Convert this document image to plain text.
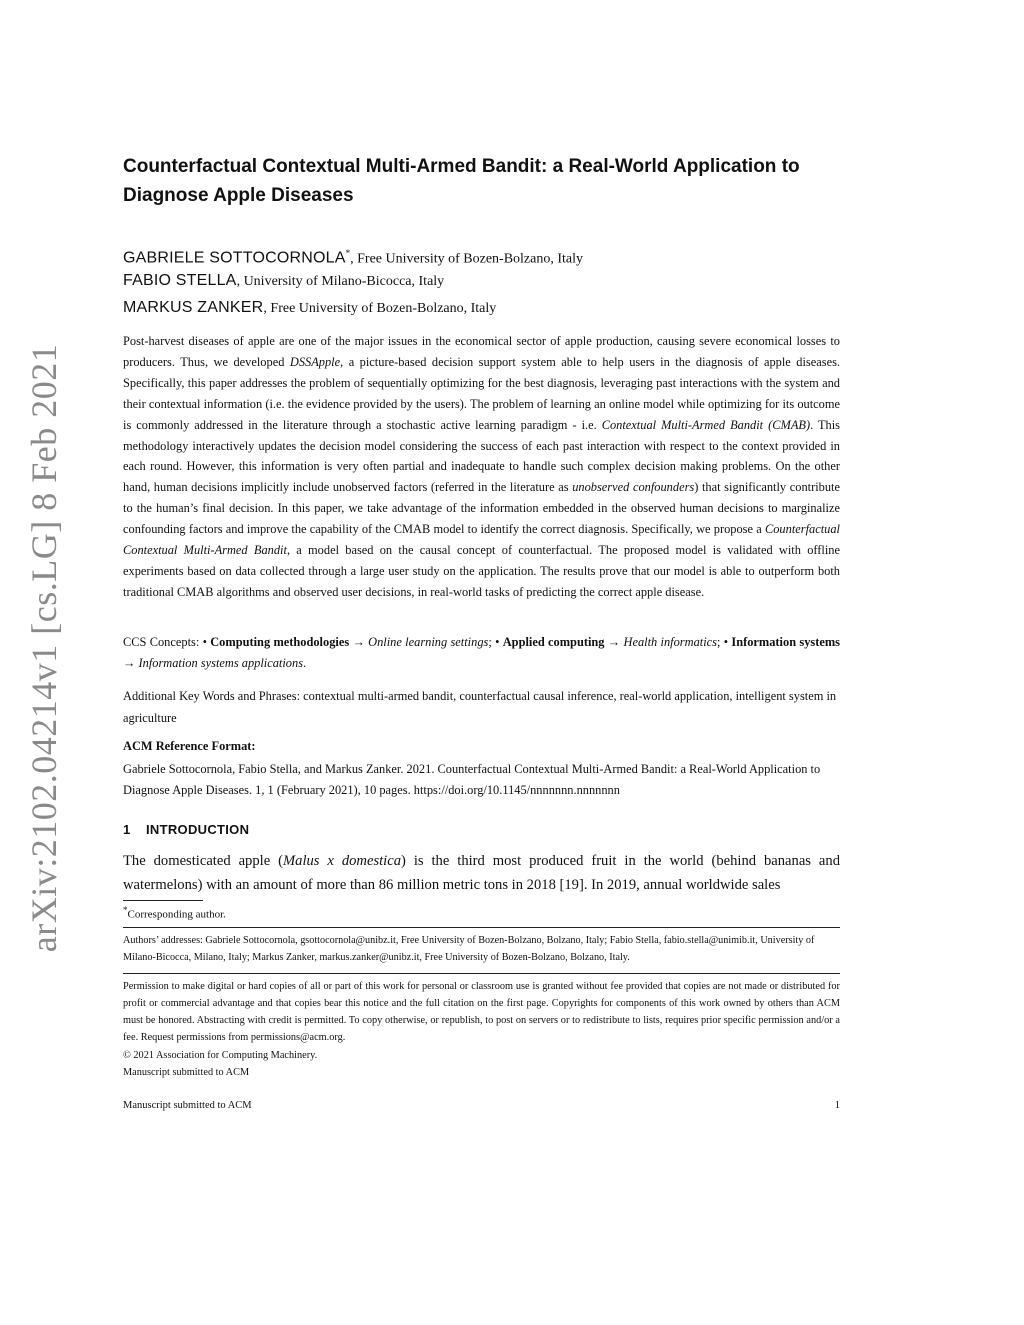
arXiv:2102.04214v1 [cs.LG] 8 Feb 2021
Counterfactual Contextual Multi-Armed Bandit: a Real-World Application to Diagnose Apple Diseases
GABRIELE SOTTOCORNOLA*, Free University of Bozen-Bolzano, Italy
FABIO STELLA, University of Milano-Bicocca, Italy
MARKUS ZANKER, Free University of Bozen-Bolzano, Italy

Post-harvest diseases of apple are one of the major issues in the economical sector of apple production, causing severe economical losses to producers. Thus, we developed DSSApple, a picture-based decision support system able to help users in the diagnosis of apple diseases. Specifically, this paper addresses the problem of sequentially optimizing for the best diagnosis, leveraging past interactions with the system and their contextual information (i.e. the evidence provided by the users). The problem of learning an online model while optimizing for its outcome is commonly addressed in the literature through a stochastic active learning paradigm - i.e. Contextual Multi-Armed Bandit (CMAB). This methodology interactively updates the decision model considering the success of each past interaction with respect to the context provided in each round. However, this information is very often partial and inadequate to handle such complex decision making problems. On the other hand, human decisions implicitly include unobserved factors (referred in the literature as unobserved confounders) that significantly contribute to the human’s final decision. In this paper, we take advantage of the information embedded in the observed human decisions to marginalize confounding factors and improve the capability of the CMAB model to identify the correct diagnosis. Specifically, we propose a Counterfactual Contextual Multi-Armed Bandit, a model based on the causal concept of counterfactual. The proposed model is validated with offline experiments based on data collected through a large user study on the application. The results prove that our model is able to outperform both traditional CMAB algorithms and observed user decisions, in real-world tasks of predicting the correct apple disease.

CCS Concepts: • Computing methodologies → Online learning settings; • Applied computing → Health informatics; • Information systems → Information systems applications.

Additional Key Words and Phrases: contextual multi-armed bandit, counterfactual causal inference, real-world application, intelligent system in agriculture

ACM Reference Format:

Gabriele Sottocornola, Fabio Stella, and Markus Zanker. 2021. Counterfactual Contextual Multi-Armed Bandit: a Real-World Application to Diagnose Apple Diseases. 1, 1 (February 2021), 10 pages. https://doi.org/10.1145/nnnnnnn.nnnnnnn

1 INTRODUCTION

The domesticated apple (Malus x domestica) is the third most produced fruit in the world (behind bananas and watermelons) with an amount of more than 86 million metric tons in 2018 [19]. In 2019, annual worldwide sales

*Corresponding author.

Authors’ addresses: Gabriele Sottocornola, gsottocornola@unibz.it, Free University of Bozen-Bolzano, Bolzano, Italy; Fabio Stella, fabio.stella@unimib.it, University of Milano-Bicocca, Milano, Italy; Markus Zanker, markus.zanker@unibz.it, Free University of Bozen-Bolzano, Bolzano, Italy.

Permission to make digital or hard copies of all or part of this work for personal or classroom use is granted without fee provided that copies are not made or distributed for profit or commercial advantage and that copies bear this notice and the full citation on the first page. Copyrights for components of this work owned by others than ACM must be honored. Abstracting with credit is permitted. To copy otherwise, or republish, to post on servers or to redistribute to lists, requires prior specific permission and/or a fee. Request permissions from permissions@acm.org.

© 2021 Association for Computing Machinery.

Manuscript submitted to ACM

Manuscript submitted to ACM	1
